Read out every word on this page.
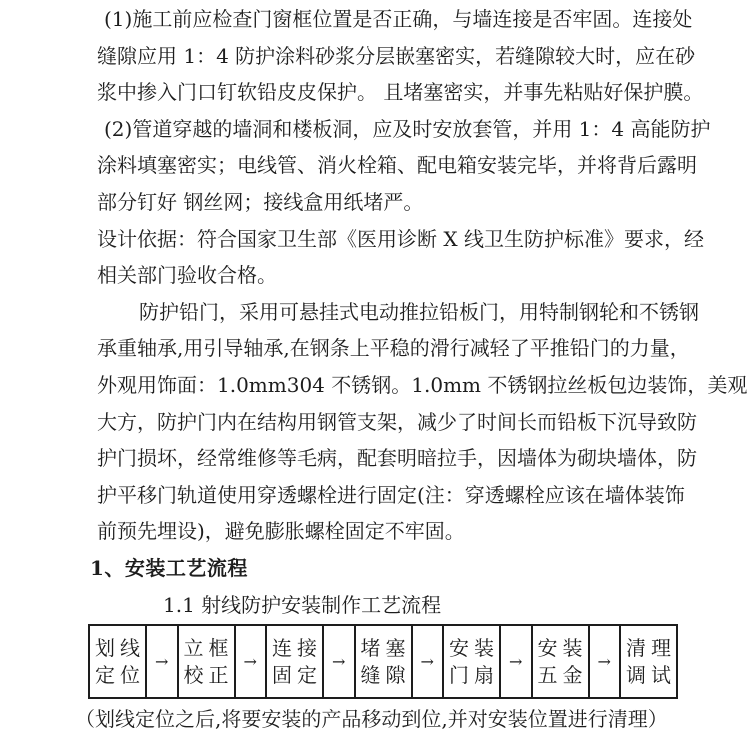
(1)施工前应检查门窗框位置是否正确，与墙连接是否牢固。连接处
缝隙应用 1：4 防护涂料砂浆分层嵌塞密实，若缝隙较大时，应在砂
浆中掺入门口钉软铅皮皮保护。 且堵塞密实，并事先粘贴好保护膜。
(2)管道穿越的墙洞和楼板洞，应及时安放套管，并用 1：4 高能防护
涂料填塞密实；电线管、消火栓箱、配电箱安装完毕，并将背后露明
部分钉好 钢丝网；接线盒用纸堵严。
设计依据：符合国家卫生部《医用诊断 X 线卫生防护标准》要求，经
相关部门验收合格。
防护铅门，采用可悬挂式电动推拉铅板门，用特制钢轮和不锈钢
承重轴承,用引导轴承,在钢条上平稳的滑行减轻了平推铅门的力量，
外观用饰面：1.0mm304 不锈钢。1.0mm 不锈钢拉丝板包边装饰，美观
大方，防护门内在结构用钢管支架，减少了时间长而铅板下沉导致防
护门损坏，经常维修等毛病，配套明暗拉手，因墙体为砌块墙体，防
护平移门轨道使用穿透螺栓进行固定(注：穿透螺栓应该在墙体装饰
前预先埋设)，避免膨胀螺栓固定不牢固。
1、安装工艺流程
1.1 射线防护安装制作工艺流程
划线
定位
→
立框
校正
→
连接
固定
→
堵塞
缝隙
→
安装
门扇
→
安装
五金
→
清理
调试
（划线定位之后,将要安装的产品移动到位,并对安装位置进行清理）
